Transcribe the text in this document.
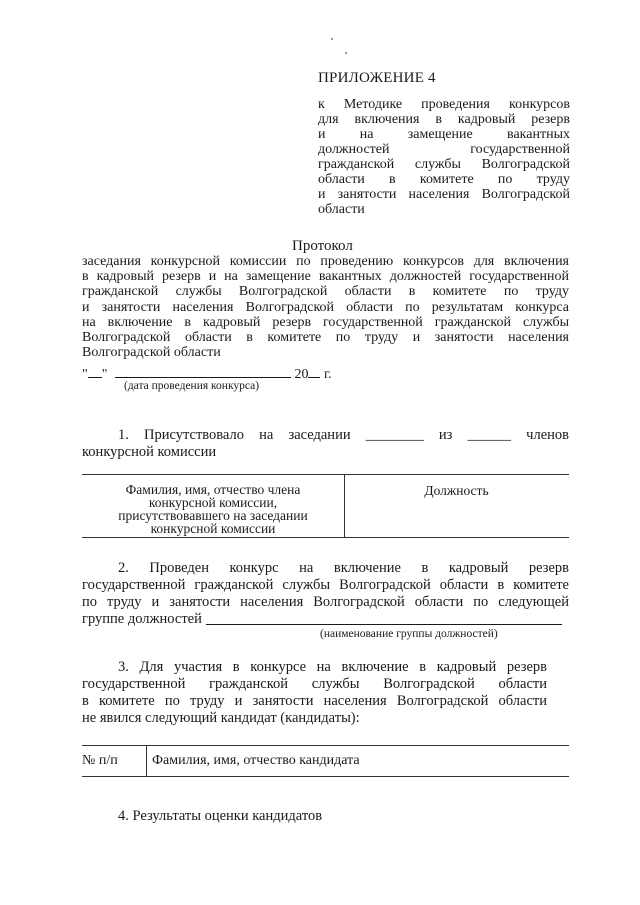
ПРИЛОЖЕНИЕ 4
к Методике проведения конкурсов
для включения в кадровый резерв
и на замещение вакантных
должностей государственной
гражданской службы Волгоградской
области в комитете по труду
и занятости населения Волгоградской
области
Протокол
заседания конкурсной комиссии по проведению конкурсов для включения
в кадровый резерв и на замещение вакантных должностей государственной
гражданской службы Волгоградской области в комитете по труду
и занятости населения Волгоградской области по результатам конкурса
на включение в кадровый резерв государственной гражданской службы
Волгоградской области в комитете по труду и занятости населения
Волгоградской области
" "	20 г.
(дата проведения конкурса)
1. Присутствовало на заседании ________ из ______ членов
конкурсной комиссии
Фамилия, имя, отчество члена
конкурсной комиссии,
присутствовавшего на заседании
конкурсной комиссии
Должность
2. Проведен конкурс на включение в кадровый резерв
государственной гражданской службы Волгоградской области в комитете
по труду и занятости населения Волгоградской области по следующей
группе должностей
(наименование группы должностей)
3. Для участия в конкурсе на включение в кадровый резерв
государственной гражданской службы Волгоградской области
в комитете по труду и занятости населения Волгоградской области
не явился следующий кандидат (кандидаты):
№ п/п	Фамилия, имя, отчество кандидата
4. Результаты оценки кандидатов
